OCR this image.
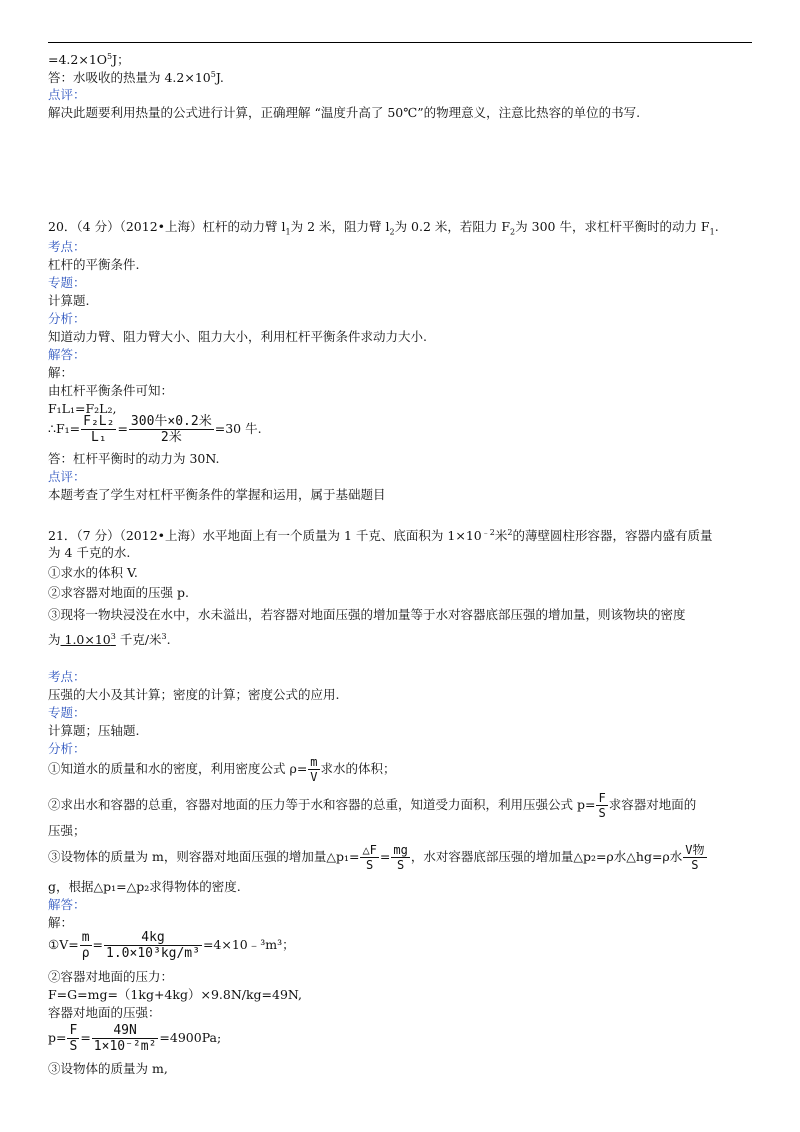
$=4.2\times 1O^5J$；
答：水吸收的热量为 $4.2\times 10^5J$.
点评：
解决此题要利用热量的公式进行计算，正确理解 “温度升高了 50℃”的物理意义，注意比热容的单位的书写.
20．（4 分）（2012•上海）杠杆的动力臂 $l_1$为 2 米，阻力臂 $l_2$为 0.2 米，若阻力 $F_2$为 300 牛，求杠杆平衡时的动力 $F_1$.
考点：
杠杆的平衡条件.
专题：
计算题.
分析：
知道动力臂、阻力臂大小、阻力大小，利用杠杆平衡条件求动力大小.
解答：
解：
由杠杆平衡条件可知：
F₁L₁=F₂L₂,
∴F₁= $\frac{\text{F₂L₂}}{\text{L₁}} = \frac{\text{300牛×0.2米}}{\text{2米}} =30$ 牛.
答：杠杆平衡时的动力为 30N.
点评：
本题考查了学生对杠杆平衡条件的掌握和运用，属于基础题目
21．（7 分）（2012•上海）水平地面上有一个质量为 1 千克、底面积为 $1\times 10^{﹣2}$米$^2$的薄壁圆柱形容器，容器内盛有质量
为 4 千克的水.
①求水的体积 V.
②求容器对地面的压强 p.
③现将一物块浸没在水中，水未溢出，若容器对地面压强的增加量等于水对容器底部压强的增加量，则该物块的密度
为 $1.0\times 10^3$ 千克/米$^3$.
考点：
压强的大小及其计算；密度的计算；密度公式的应用.
专题：
计算题；压轴题.
分析：
①知道水的质量和水的密度，利用密度公式 $\rho= \frac{m}{V}$ 求水的体积；
②求出水和容器的总重，容器对地面的压力等于水和容器的总重，知道受力面积，利用压强公式 $p= \frac{F}{S}$ 求容器对地面的
压强；
③设物体的质量为 m，则容器对地面压强的增加量△p₁= $\frac{\triangle F}{S} = \frac{mg}{S}$ ，水对容器底部压强的增加量△p₂=ρ水△hg=ρ水 $\frac{\text{V物}}{S}$
g，根据△p₁=△p₂求得物体的密度.
解答：
解：
①V= $\frac{m}{\rho} = \frac{4kg}{\text{1.0×10³kg/m³}}$ =4×10﹣³m³；
②容器对地面的压力：
F=G=mg=（1kg+4kg）×9.8N/kg=49N,
容器对地面的压强：
$p= \frac{F}{S} = \frac{49N}{\text{1×10⁻²m²}} =4900Pa$;
③设物体的质量为 m,
